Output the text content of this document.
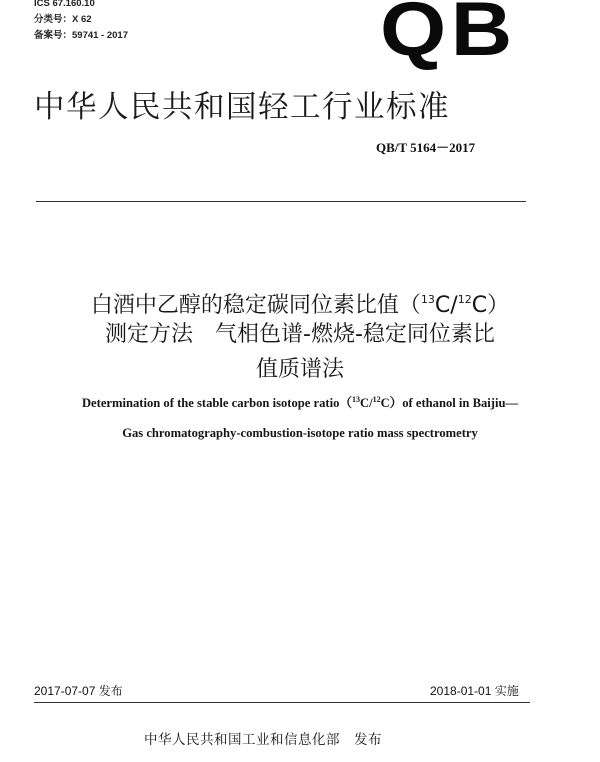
ICS 67.160.10
分类号：X 62
备案号：59741 - 2017	QB
中华人民共和国轻工行业标准
QB/T 5164－2017
白酒中乙醇的稳定碳同位素比值（$^{13}$C/$^{12}$C）
测定方法　气相色谱-燃烧-稳定同位素比
值质谱法
Determination of the stable carbon isotope ratio（$^{13}$C/$^{12}$C）of ethanol in Baijiu—
Gas chromatography-combustion-isotope ratio mass spectrometry
2017-07-07 发布	2018-01-01 实施
中华人民共和国工业和信息化部　发布
